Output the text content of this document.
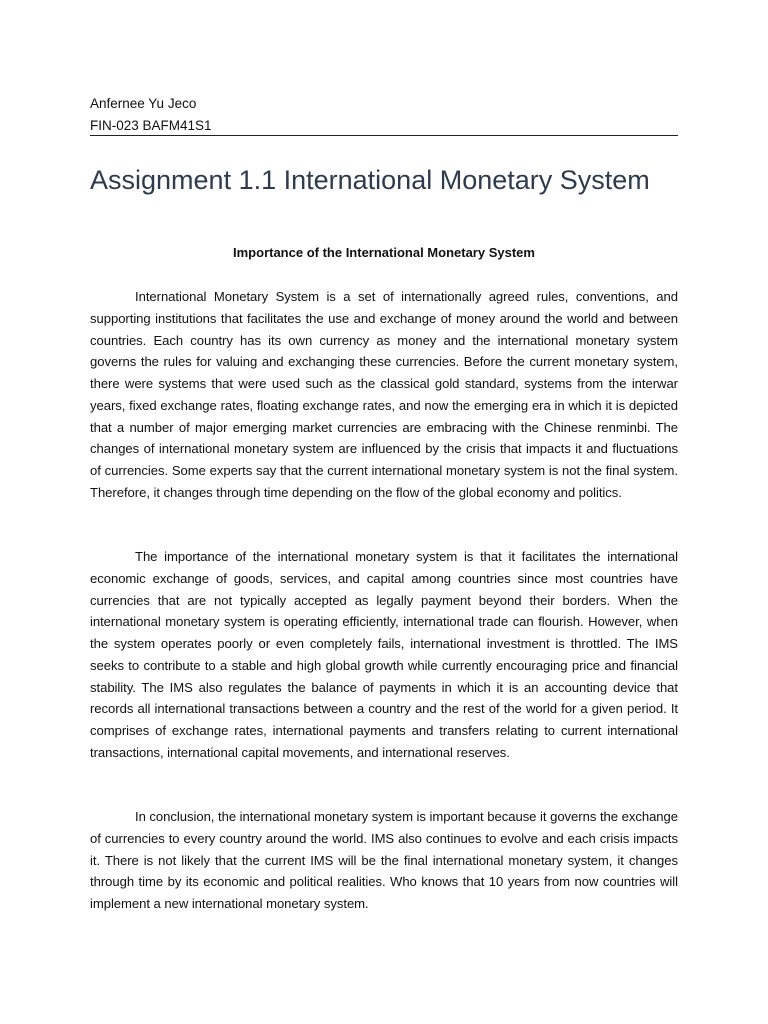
Anfernee Yu Jeco
FIN-023 BAFM41S1
Assignment 1.1 International Monetary System
Importance of the International Monetary System

International Monetary System is a set of internationally agreed rules, conventions, and supporting institutions that facilitates the use and exchange of money around the world and between countries. Each country has its own currency as money and the international monetary system governs the rules for valuing and exchanging these currencies. Before the current monetary system, there were systems that were used such as the classical gold standard, systems from the interwar years, fixed exchange rates, floating exchange rates, and now the emerging era in which it is depicted that a number of major emerging market currencies are embracing with the Chinese renminbi. The changes of international monetary system are influenced by the crisis that impacts it and fluctuations of currencies. Some experts say that the current international monetary system is not the final system. Therefore, it changes through time depending on the flow of the global economy and politics.

The importance of the international monetary system is that it facilitates the international economic exchange of goods, services, and capital among countries since most countries have currencies that are not typically accepted as legally payment beyond their borders. When the international monetary system is operating efficiently, international trade can flourish. However, when the system operates poorly or even completely fails, international investment is throttled. The IMS seeks to contribute to a stable and high global growth while currently encouraging price and financial stability. The IMS also regulates the balance of payments in which it is an accounting device that records all international transactions between a country and the rest of the world for a given period. It comprises of exchange rates, international payments and transfers relating to current international transactions, international capital movements, and international reserves.

In conclusion, the international monetary system is important because it governs the exchange of currencies to every country around the world. IMS also continues to evolve and each crisis impacts it. There is not likely that the current IMS will be the final international monetary system, it changes through time by its economic and political realities. Who knows that 10 years from now countries will implement a new international monetary system.
